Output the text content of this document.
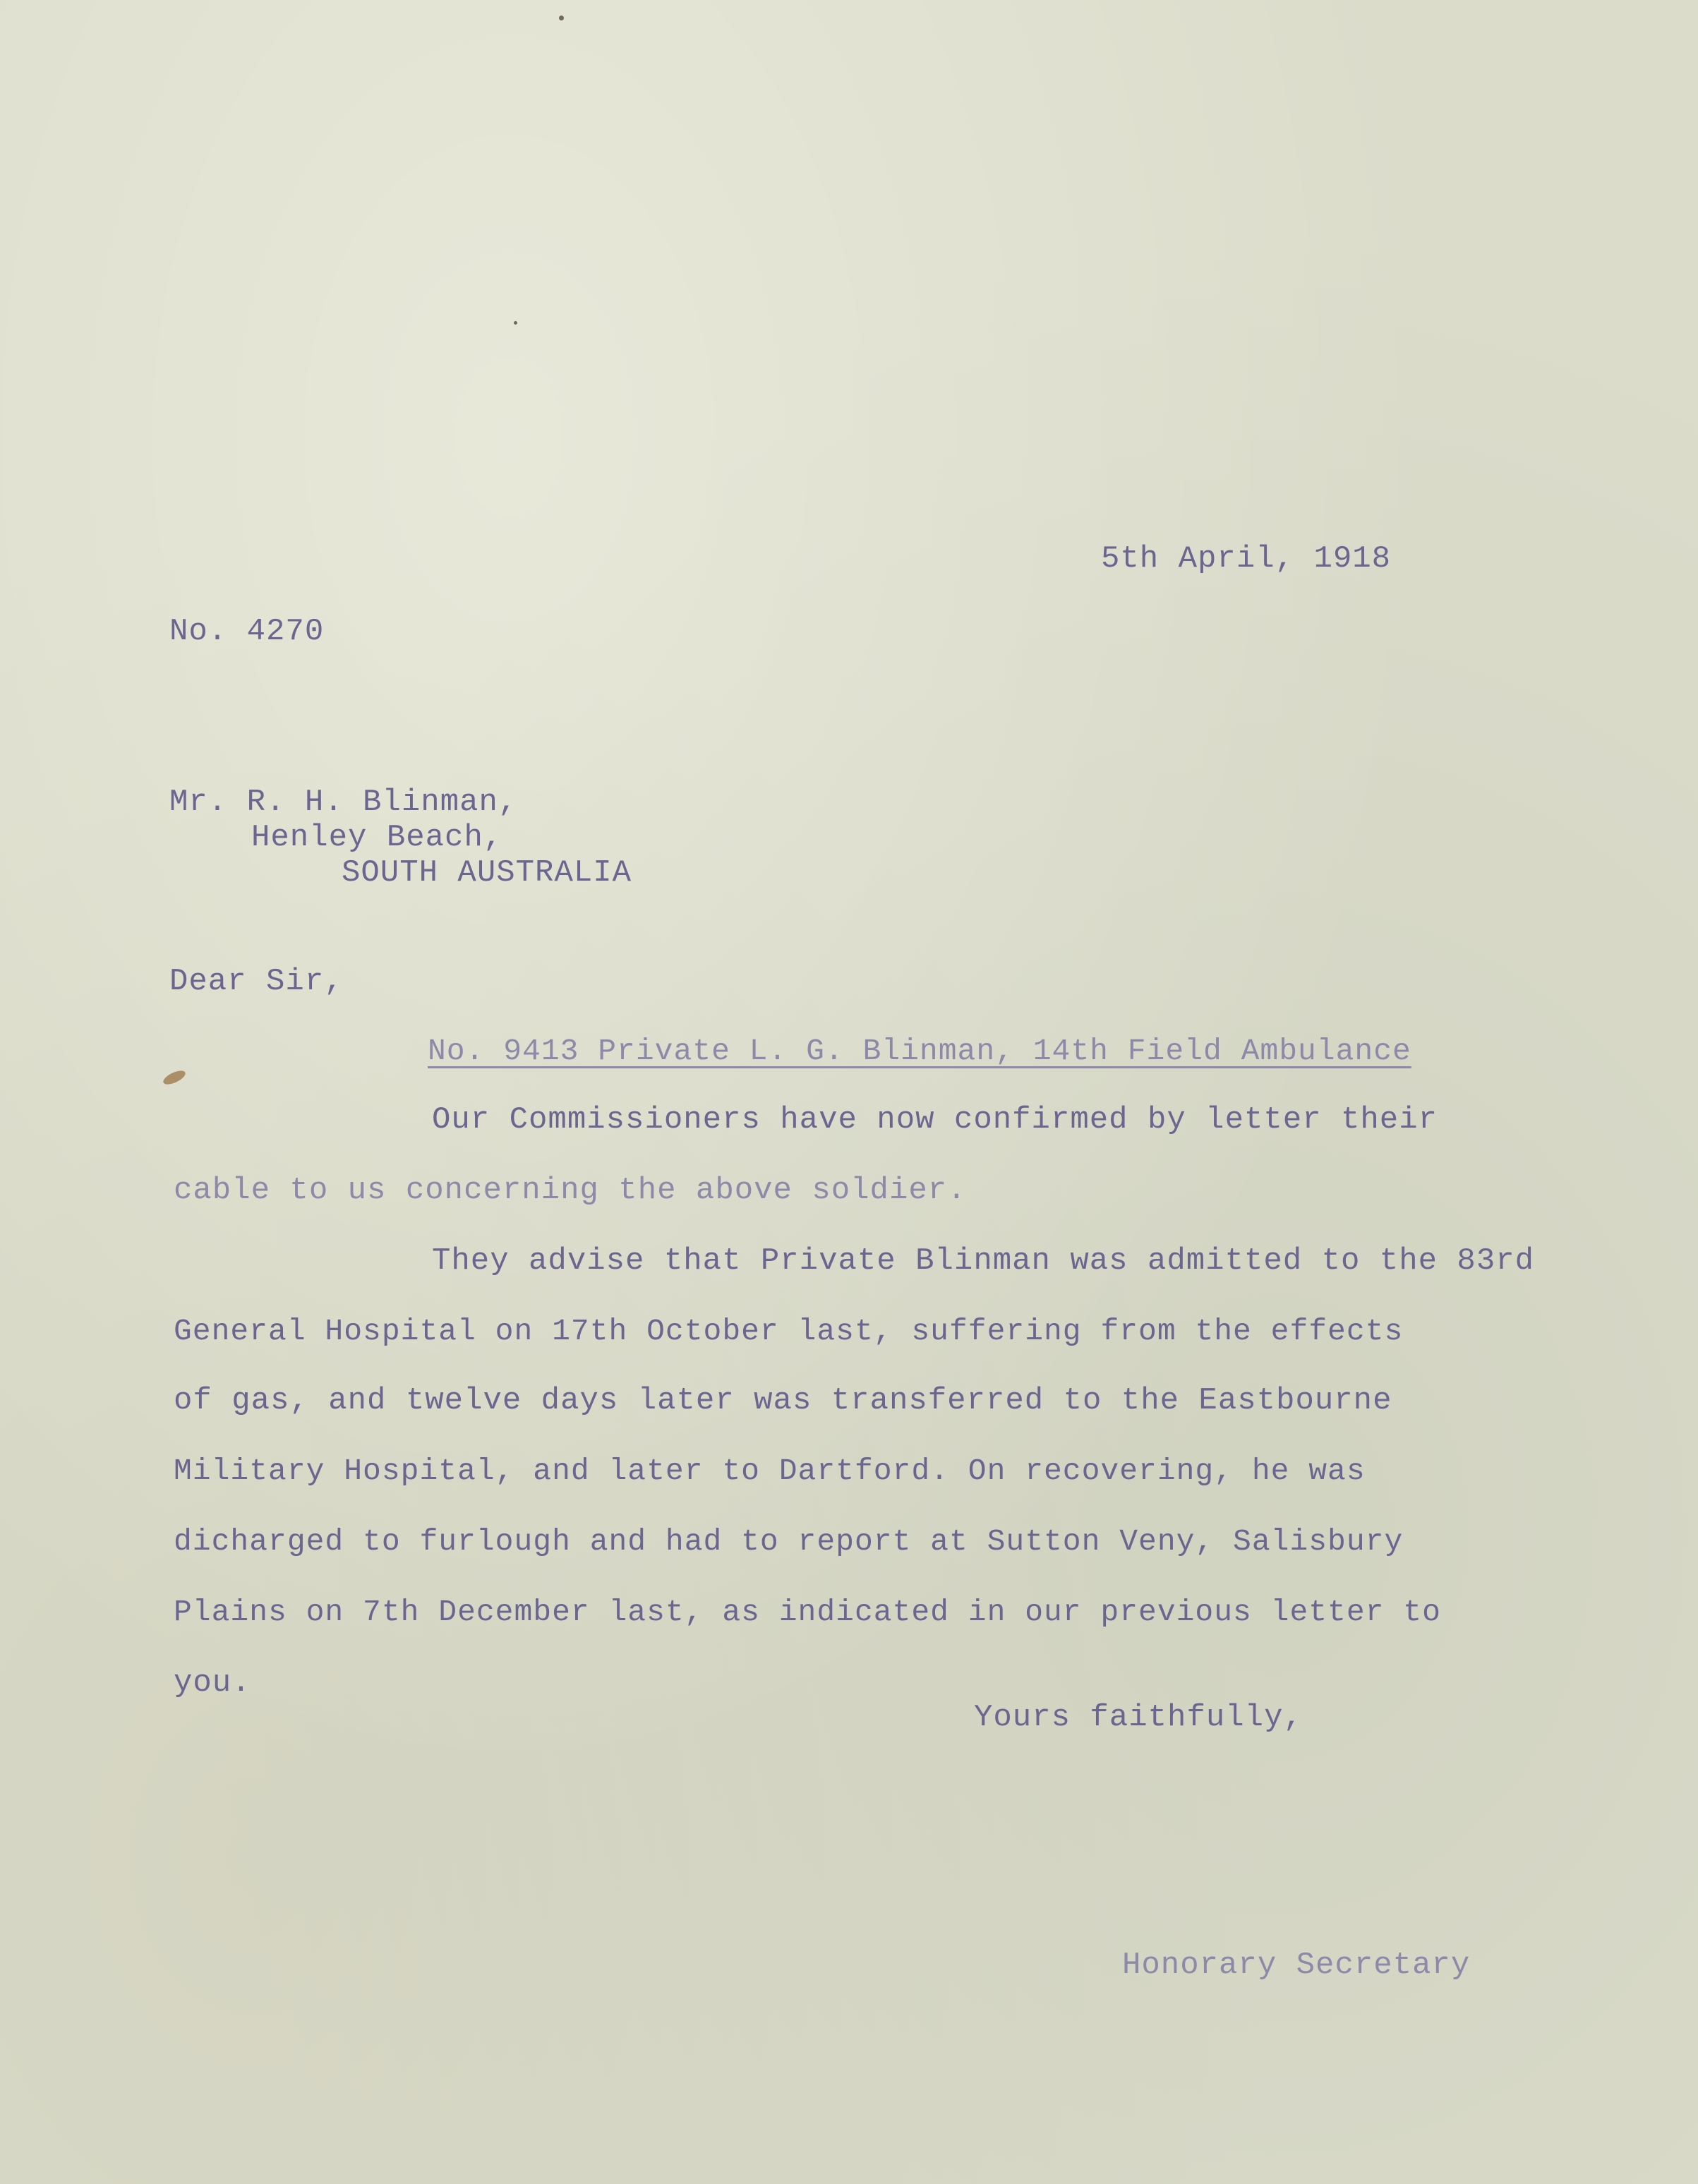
5th April, 1918
No. 4270
Mr. R. H. Blinman,
Henley Beach,
SOUTH AUSTRALIA
Dear Sir,
No. 9413 Private L. G. Blinman, 14th Field Ambulance
Our Commissioners have now confirmed by letter their
cable to us concerning the above soldier.
They advise that Private Blinman was admitted to the 83rd
General Hospital on 17th October last, suffering from the effects
of gas, and twelve days later was transferred to the Eastbourne
Military Hospital, and later to Dartford. On recovering, he was
dicharged to furlough and had to report at Sutton Veny, Salisbury
Plains on 7th December last, as indicated in our previous letter to
you.
Yours faithfully,
Honorary Secretary
